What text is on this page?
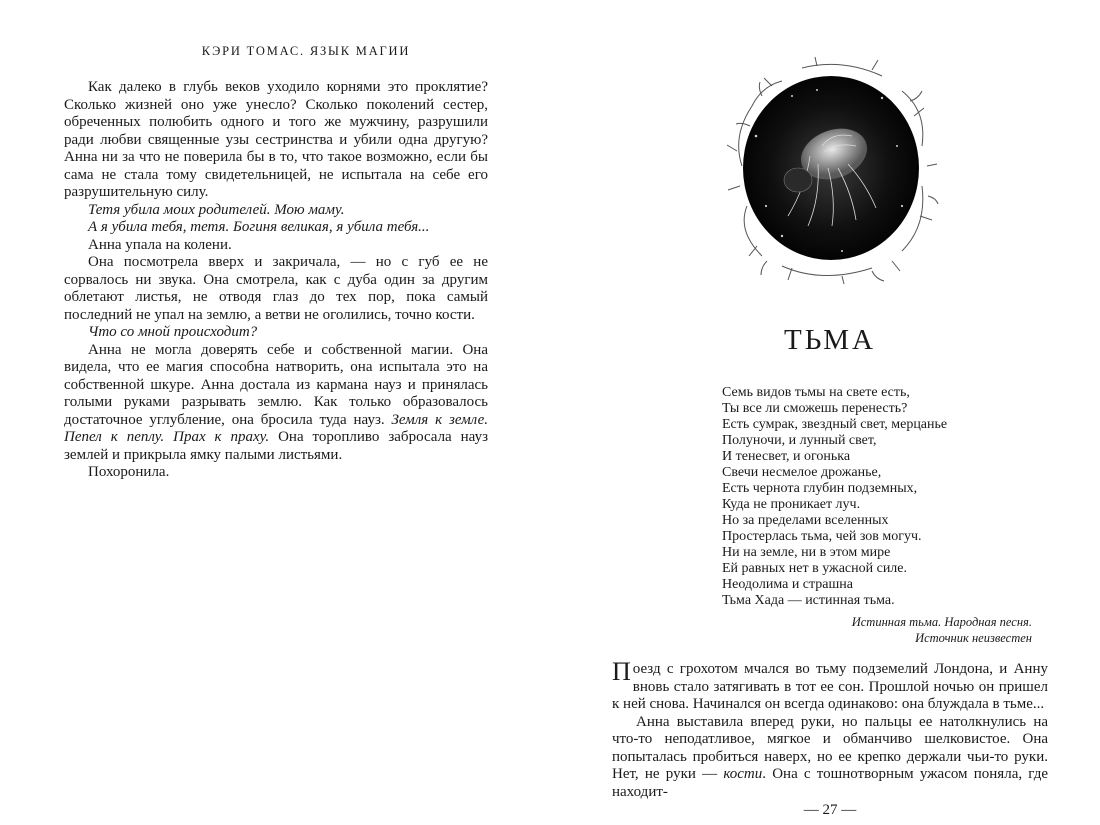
КЭРИ ТОМАС. ЯЗЫК МАГИИ

Как далеко в глубь веков уходило корнями это проклятие? Сколько жизней оно уже унесло? Сколько поколений сестер, обреченных полюбить одного и того же мужчину, разрушили ради любви священные узы сестринства и убили одна другую? Анна ни за что не поверила бы в то, что такое возможно, если бы сама не стала тому свидетельницей, не испытала на себе его разрушительную силу.

Тетя убила моих родителей. Мою маму.

А я убила тебя, тетя. Богиня великая, я убила тебя...

Анна упала на колени.

Она посмотрела вверх и закричала, — но с губ ее не сорвалось ни звука. Она смотрела, как с дуба один за другим облетают листья, не отводя глаз до тех пор, пока самый последний не упал на землю, а ветви не оголились, точно кости.

Что со мной происходит?

Анна не могла доверять себе и собственной магии. Она видела, что ее магия способна натворить, она испытала это на собственной шкуре. Анна достала из кармана науз и принялась голыми руками разрывать землю. Как только образовалось достаточное углубление, она бросила туда науз. Земля к земле. Пепел к пеплу. Прах к праху. Она торопливо забросала науз землей и прикрыла ямку палыми листьями.

Похоронила.

ТЬМА

Семь видов тьмы на свете есть,

Ты все ли сможешь перенесть?

Есть сумрак, звездный свет, мерцанье

Полуночи, и лунный свет,

И тенесвет, и огонька

Свечи несмелое дрожанье,

Есть чернота глубин подземных,

Куда не проникает луч.

Но за пределами вселенных

Простерлась тьма, чей зов могуч.

Ни на земле, ни в этом мире

Ей равных нет в ужасной силе.

Неодолима и страшна

Тьма Хада — истинная тьма.

Истинная тьма. Народная песня.
Источник неизвестен

Поезд с грохотом мчался во тьму подземелий Лондона, и Анну вновь стало затягивать в тот ее сон. Прошлой ночью он пришел к ней снова. Начинался он всегда одинаково: она блуждала в тьме...

Анна выставила вперед руки, но пальцы ее натолкнулись на что-то неподатливое, мягкое и обманчиво шелковистое. Она попыталась пробиться наверх, но ее крепко держали чьи-то руки. Нет, не руки — кости. Она с тошнотворным ужасом поняла, где находит-

— 27 —
